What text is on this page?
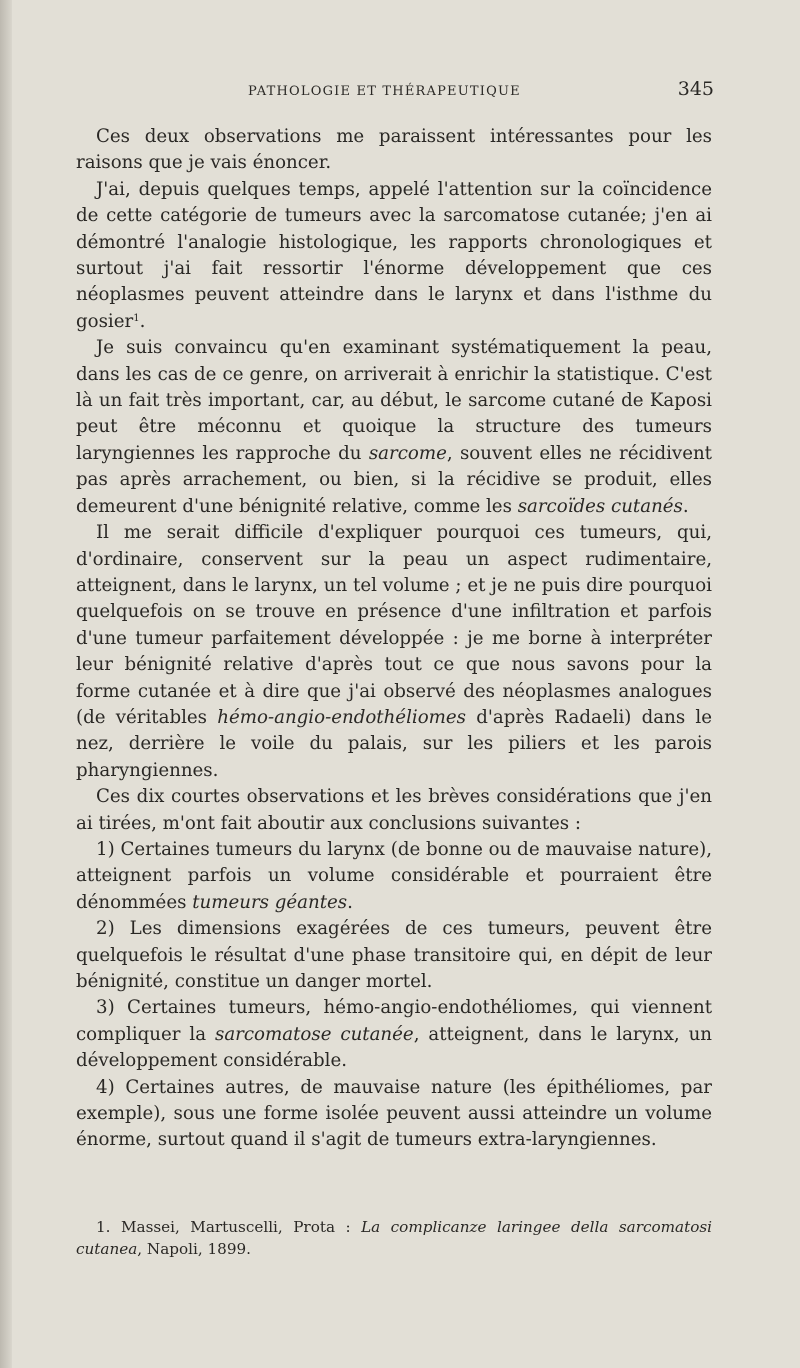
PATHOLOGIE ET THÉRAPEUTIQUE	345

Ces deux observations me paraissent intéressantes pour les raisons que je vais énoncer.

J'ai, depuis quelques temps, appelé l'attention sur la coïncidence de cette catégorie de tumeurs avec la sarcomatose cutanée; j'en ai démontré l'analogie histologique, les rapports chronologiques et surtout j'ai fait ressortir l'énorme développement que ces néoplasmes peuvent atteindre dans le larynx et dans l'isthme du gosier$^1$.

Je suis convaincu qu'en examinant systématiquement la peau, dans les cas de ce genre, on arriverait à enrichir la statistique. C'est là un fait très important, car, au début, le sarcome cutané de Kaposi peut être méconnu et quoique la structure des tumeurs laryngiennes les rapproche du sarcome, souvent elles ne récidivent pas après arrachement, ou bien, si la récidive se produit, elles demeurent d'une bénignité relative, comme les sarcoïdes cutanés.

Il me serait difficile d'expliquer pourquoi ces tumeurs, qui, d'ordinaire, conservent sur la peau un aspect rudimentaire, atteignent, dans le larynx, un tel volume ; et je ne puis dire pourquoi quelquefois on se trouve en présence d'une infiltration et parfois d'une tumeur parfaitement développée : je me borne à interpréter leur bénignité relative d'après tout ce que nous savons pour la forme cutanée et à dire que j'ai observé des néoplasmes analogues (de véritables hémo-angio-endothéliomes d'après Radaeli) dans le nez, derrière le voile du palais, sur les piliers et les parois pharyngiennes.

Ces dix courtes observations et les brèves considérations que j'en ai tirées, m'ont fait aboutir aux conclusions suivantes :

1) Certaines tumeurs du larynx (de bonne ou de mauvaise nature), atteignent parfois un volume considérable et pourraient être dénommées tumeurs géantes.

2) Les dimensions exagérées de ces tumeurs, peuvent être quelquefois le résultat d'une phase transitoire qui, en dépit de leur bénignité, constitue un danger mortel.

3) Certaines tumeurs, hémo-angio-endothéliomes, qui viennent compliquer la sarcomatose cutanée, atteignent, dans le larynx, un développement considérable.

4) Certaines autres, de mauvaise nature (les épithéliomes, par exemple), sous une forme isolée peuvent aussi atteindre un volume énorme, surtout quand il s'agit de tumeurs extra-laryngiennes.

1. Massei, Martuscelli, Prota : La complicanze laringee della sarcomatosi cutanea, Napoli, 1899.
